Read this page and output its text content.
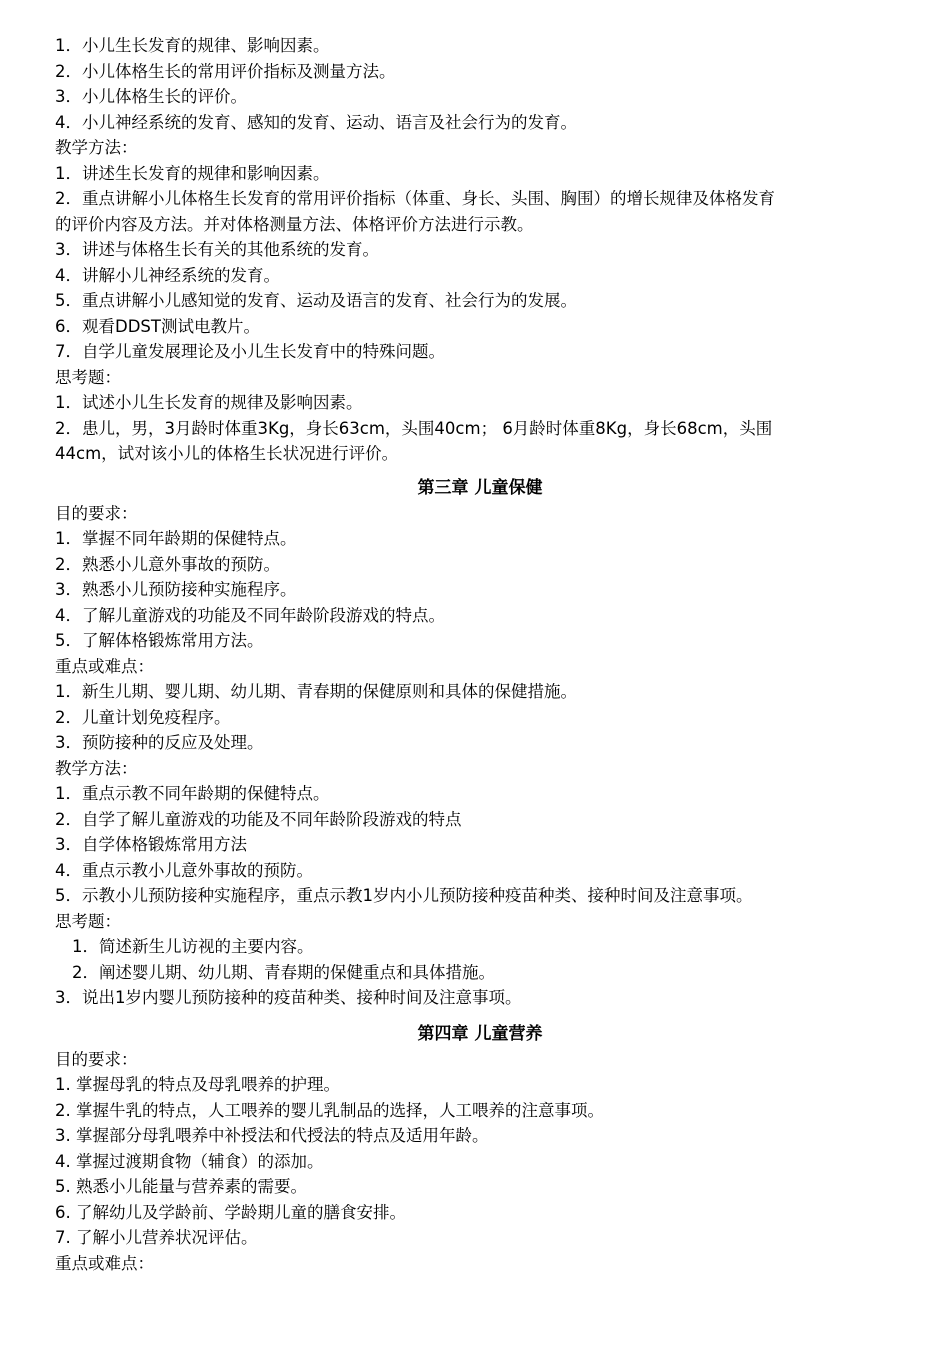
1．小儿生长发育的规律、影响因素。
2．小儿体格生长的常用评价指标及测量方法。
3．小儿体格生长的评价。
4．小儿神经系统的发育、感知的发育、运动、语言及社会行为的发育。
教学方法：
1．讲述生长发育的规律和影响因素。
2．重点讲解小儿体格生长发育的常用评价指标（体重、身长、头围、胸围）的增长规律及体格发育
的评价内容及方法。并对体格测量方法、体格评价方法进行示教。
3．讲述与体格生长有关的其他系统的发育。
4．讲解小儿神经系统的发育。
5．重点讲解小儿感知觉的发育、运动及语言的发育、社会行为的发展。
6．观看DDST测试电教片。
7．自学儿童发展理论及小儿生长发育中的特殊问题。
思考题：
1．试述小儿生长发育的规律及影响因素。
2．患儿，男，3月龄时体重3Kg，身长63cm，头围40cm； 6月龄时体重8Kg，身长68cm，头围
44cm，试对该小儿的体格生长状况进行评价。
第三章 儿童保健
目的要求：
1．掌握不同年龄期的保健特点。
2．熟悉小儿意外事故的预防。
3．熟悉小儿预防接种实施程序。
4．了解儿童游戏的功能及不同年龄阶段游戏的特点。
5．了解体格锻炼常用方法。
重点或难点：
1．新生儿期、婴儿期、幼儿期、青春期的保健原则和具体的保健措施。
2．儿童计划免疫程序。
3．预防接种的反应及处理。
教学方法：
1．重点示教不同年龄期的保健特点。
2．自学了解儿童游戏的功能及不同年龄阶段游戏的特点
3．自学体格锻炼常用方法
4．重点示教小儿意外事故的预防。
5．示教小儿预防接种实施程序，重点示教1岁内小儿预防接种疫苗种类、接种时间及注意事项。
思考题：
1．简述新生儿访视的主要内容。
2．阐述婴儿期、幼儿期、青春期的保健重点和具体措施。
3．说出1岁内婴儿预防接种的疫苗种类、接种时间及注意事项。
第四章 儿童营养
目的要求：
1. 掌握母乳的特点及母乳喂养的护理。
2. 掌握牛乳的特点，人工喂养的婴儿乳制品的选择，人工喂养的注意事项。
3. 掌握部分母乳喂养中补授法和代授法的特点及适用年龄。
4. 掌握过渡期食物（辅食）的添加。
5. 熟悉小儿能量与营养素的需要。
6. 了解幼儿及学龄前、学龄期儿童的膳食安排。
7. 了解小儿营养状况评估。
重点或难点：
